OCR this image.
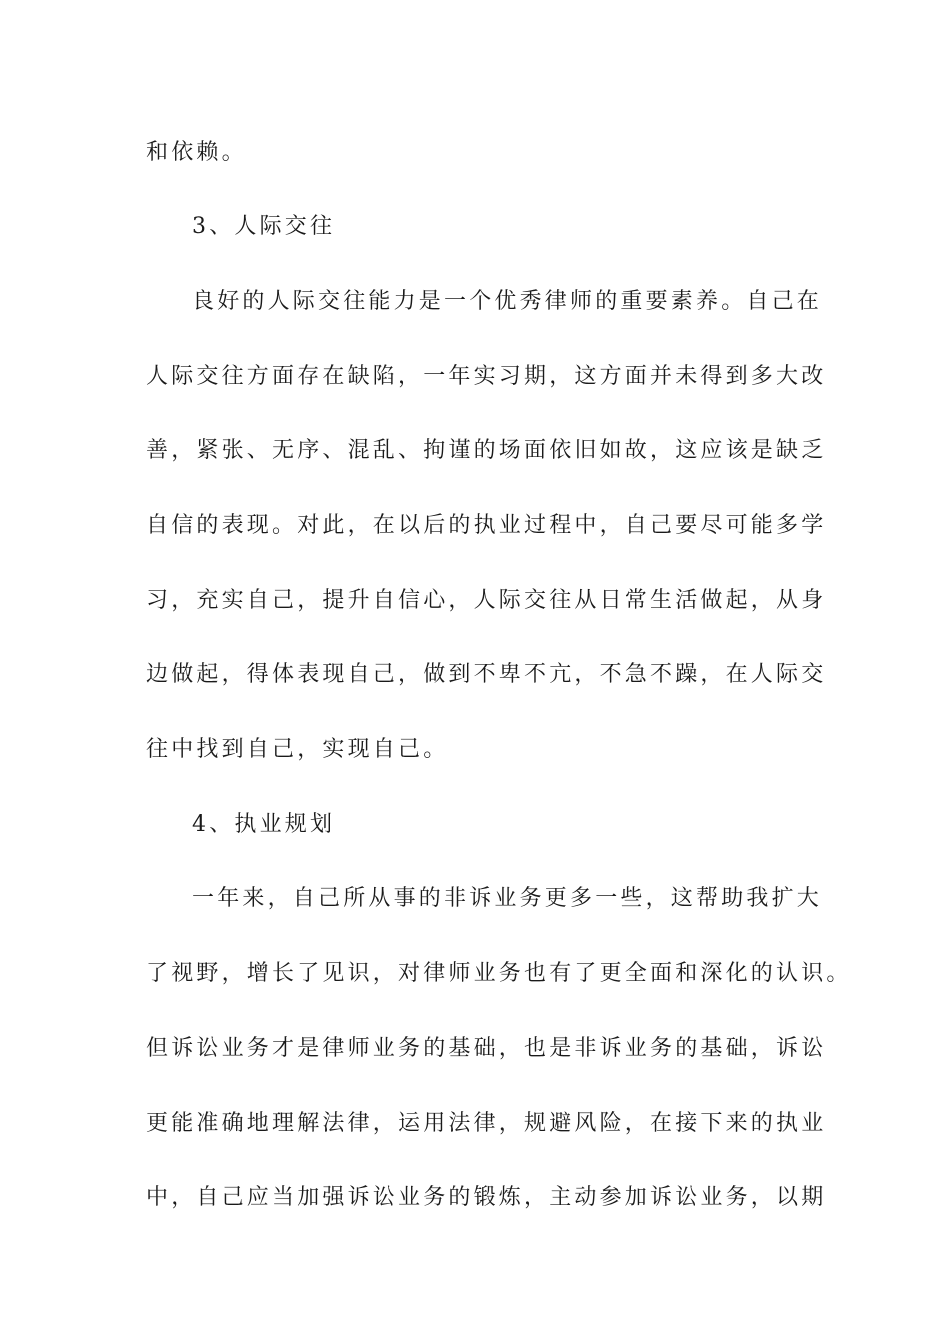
和依赖。
3、人际交往
良好的人际交往能力是一个优秀律师的重要素养。自己在
人际交往方面存在缺陷，一年实习期，这方面并未得到多大改
善，紧张、无序、混乱、拘谨的场面依旧如故，这应该是缺乏
自信的表现。对此，在以后的执业过程中，自己要尽可能多学
习，充实自己，提升自信心，人际交往从日常生活做起，从身
边做起，得体表现自己，做到不卑不亢，不急不躁，在人际交
往中找到自己，实现自己。
4、执业规划
一年来，自己所从事的非诉业务更多一些，这帮助我扩大
了视野，增长了见识，对律师业务也有了更全面和深化的认识。
但诉讼业务才是律师业务的基础，也是非诉业务的基础，诉讼
更能准确地理解法律，运用法律，规避风险，在接下来的执业
中，自己应当加强诉讼业务的锻炼，主动参加诉讼业务，以期
